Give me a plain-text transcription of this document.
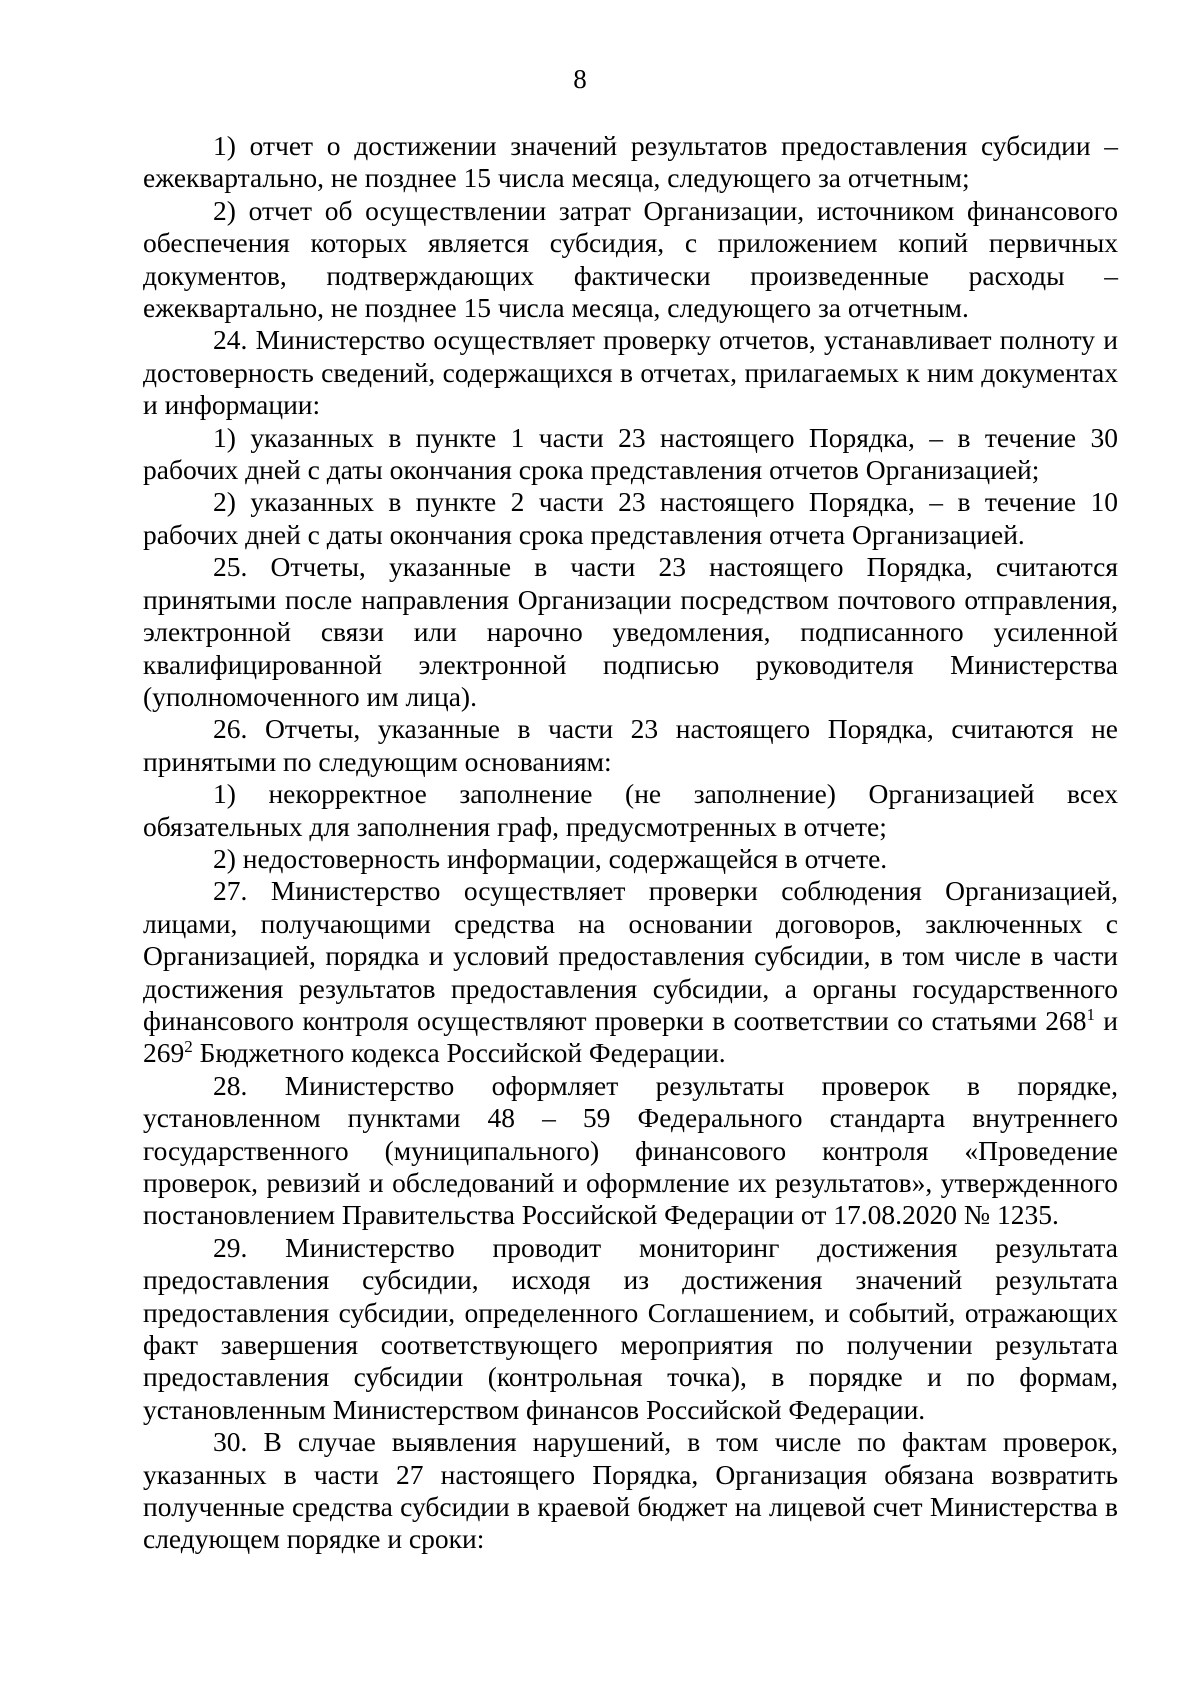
8

1) отчет о достижении значений результатов предоставления субсидии – ежеквартально, не позднее 15 числа месяца, следующего за отчетным;

2) отчет об осуществлении затрат Организации, источником финансового обеспечения которых является субсидия, с приложением копий первичных документов, подтверждающих фактически произведенные расходы – ежеквартально, не позднее 15 числа месяца, следующего за отчетным.

24. Министерство осуществляет проверку отчетов, устанавливает полноту и достоверность сведений, содержащихся в отчетах, прилагаемых к ним документах и информации:

1) указанных в пункте 1 части 23 настоящего Порядка, – в течение 30 рабочих дней с даты окончания срока представления отчетов Организацией;

2) указанных в пункте 2 части 23 настоящего Порядка, – в течение 10 рабочих дней с даты окончания срока представления отчета Организацией.

25. Отчеты, указанные в части 23 настоящего Порядка, считаются принятыми после направления Организации посредством почтового отправления, электронной связи или нарочно уведомления, подписанного усиленной квалифицированной электронной подписью руководителя Министерства (уполномоченного им лица).

26. Отчеты, указанные в части 23 настоящего Порядка, считаются не принятыми по следующим основаниям:

1) некорректное заполнение (не заполнение) Организацией всех обязательных для заполнения граф, предусмотренных в отчете;

2) недостоверность информации, содержащейся в отчете.

27. Министерство осуществляет проверки соблюдения Организацией, лицами, получающими средства на основании договоров, заключенных с Организацией, порядка и условий предоставления субсидии, в том числе в части достижения результатов предоставления субсидии, а органы государственного финансового контроля осуществляют проверки в соответствии со статьями $268^1$ и $269^2$ Бюджетного кодекса Российской Федерации.

28. Министерство оформляет результаты проверок в порядке, установленном пунктами 48 – 59 Федерального стандарта внутреннего государственного (муниципального) финансового контроля «Проведение проверок, ревизий и обследований и оформление их результатов», утвержденного постановлением Правительства Российской Федерации от 17.08.2020 № 1235.

29. Министерство проводит мониторинг достижения результата предоставления субсидии, исходя из достижения значений результата предоставления субсидии, определенного Соглашением, и событий, отражающих факт завершения соответствующего мероприятия по получении результата предоставления субсидии (контрольная точка), в порядке и по формам, установленным Министерством финансов Российской Федерации.

30. В случае выявления нарушений, в том числе по фактам проверок, указанных в части 27 настоящего Порядка, Организация обязана возвратить полученные средства субсидии в краевой бюджет на лицевой счет Министерства в следующем порядке и сроки:
